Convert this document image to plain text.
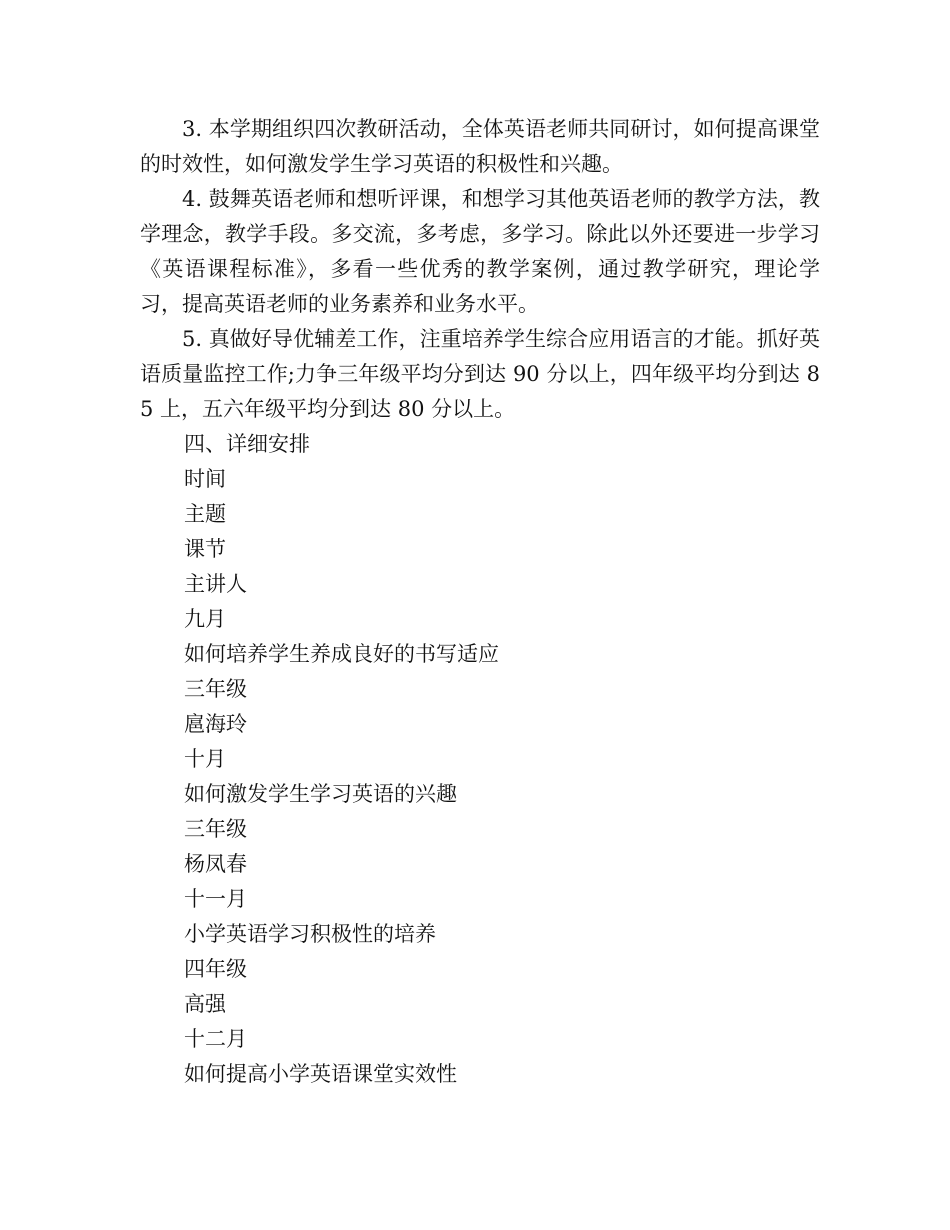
3. 本学期组织四次教研活动，全体英语老师共同研讨，如何提高课堂的时效性，如何激发学生学习英语的积极性和兴趣。

4. 鼓舞英语老师和想听评课，和想学习其他英语老师的教学方法，教学理念，教学手段。多交流，多考虑，多学习。除此以外还要进一步学习《英语课程标准》，多看一些优秀的教学案例，通过教学研究，理论学习，提高英语老师的业务素养和业务水平。

5. 真做好导优辅差工作，注重培养学生综合应用语言的才能。抓好英语质量监控工作;力争三年级平均分到达 90 分以上，四年级平均分到达 85 上，五六年级平均分到达 80 分以上。

四、详细安排

时间

主题

课节

主讲人

九月

如何培养学生养成良好的书写适应

三年级

扈海玲

十月

如何激发学生学习英语的兴趣

三年级

杨凤春

十一月

小学英语学习积极性的培养

四年级

高强

十二月

如何提高小学英语课堂实效性
